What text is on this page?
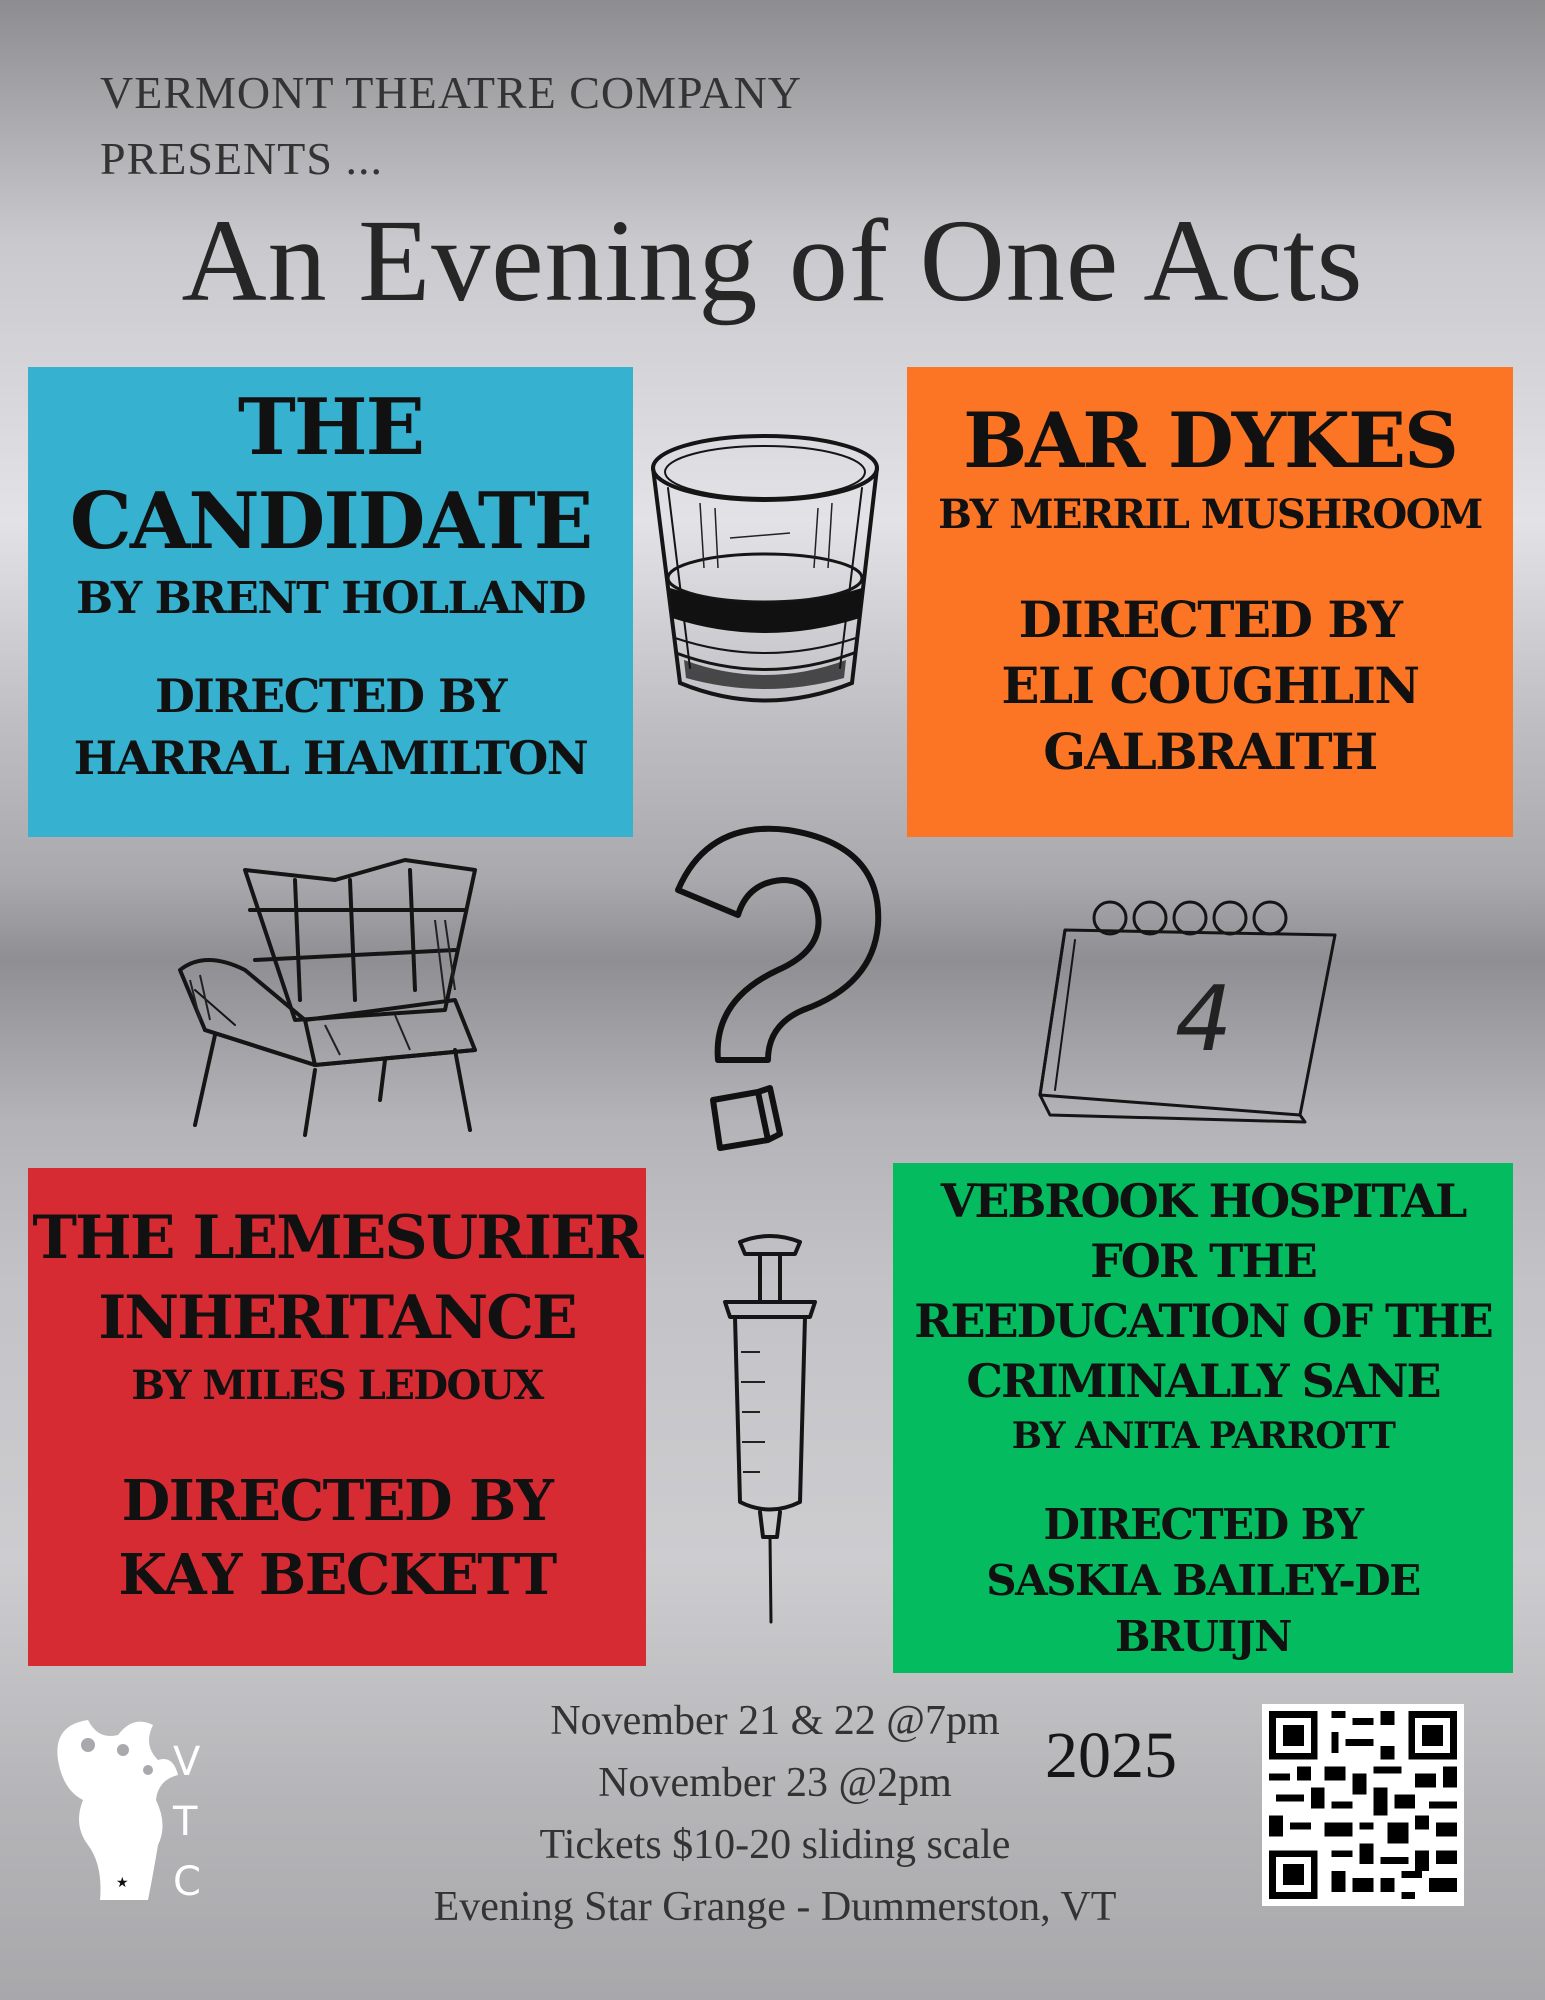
VERMONT THEATRE COMPANY
PRESENTS ...
An Evening of One Acts
THE
CANDIDATE
BY BRENT HOLLAND
DIRECTED BY
HARRAL HAMILTON
BAR DYKES
BY MERRIL MUSHROOM
DIRECTED BY
ELI COUGHLIN
GALBRAITH
THE LEMESURIER
INHERITANCE
BY MILES LEDOUX
DIRECTED BY
KAY BECKETT
VEBROOK HOSPITAL
FOR THE
REEDUCATION OF THE
CRIMINALLY SANE
BY ANITA PARROTT
DIRECTED BY
SASKIA BAILEY-DE
BRUIJN
4
November 21 & 22 @7pm
November 23 @2pm
Tickets $10-20 sliding scale
Evening Star Grange - Dummerston, VT
2025
V
T
C
★
